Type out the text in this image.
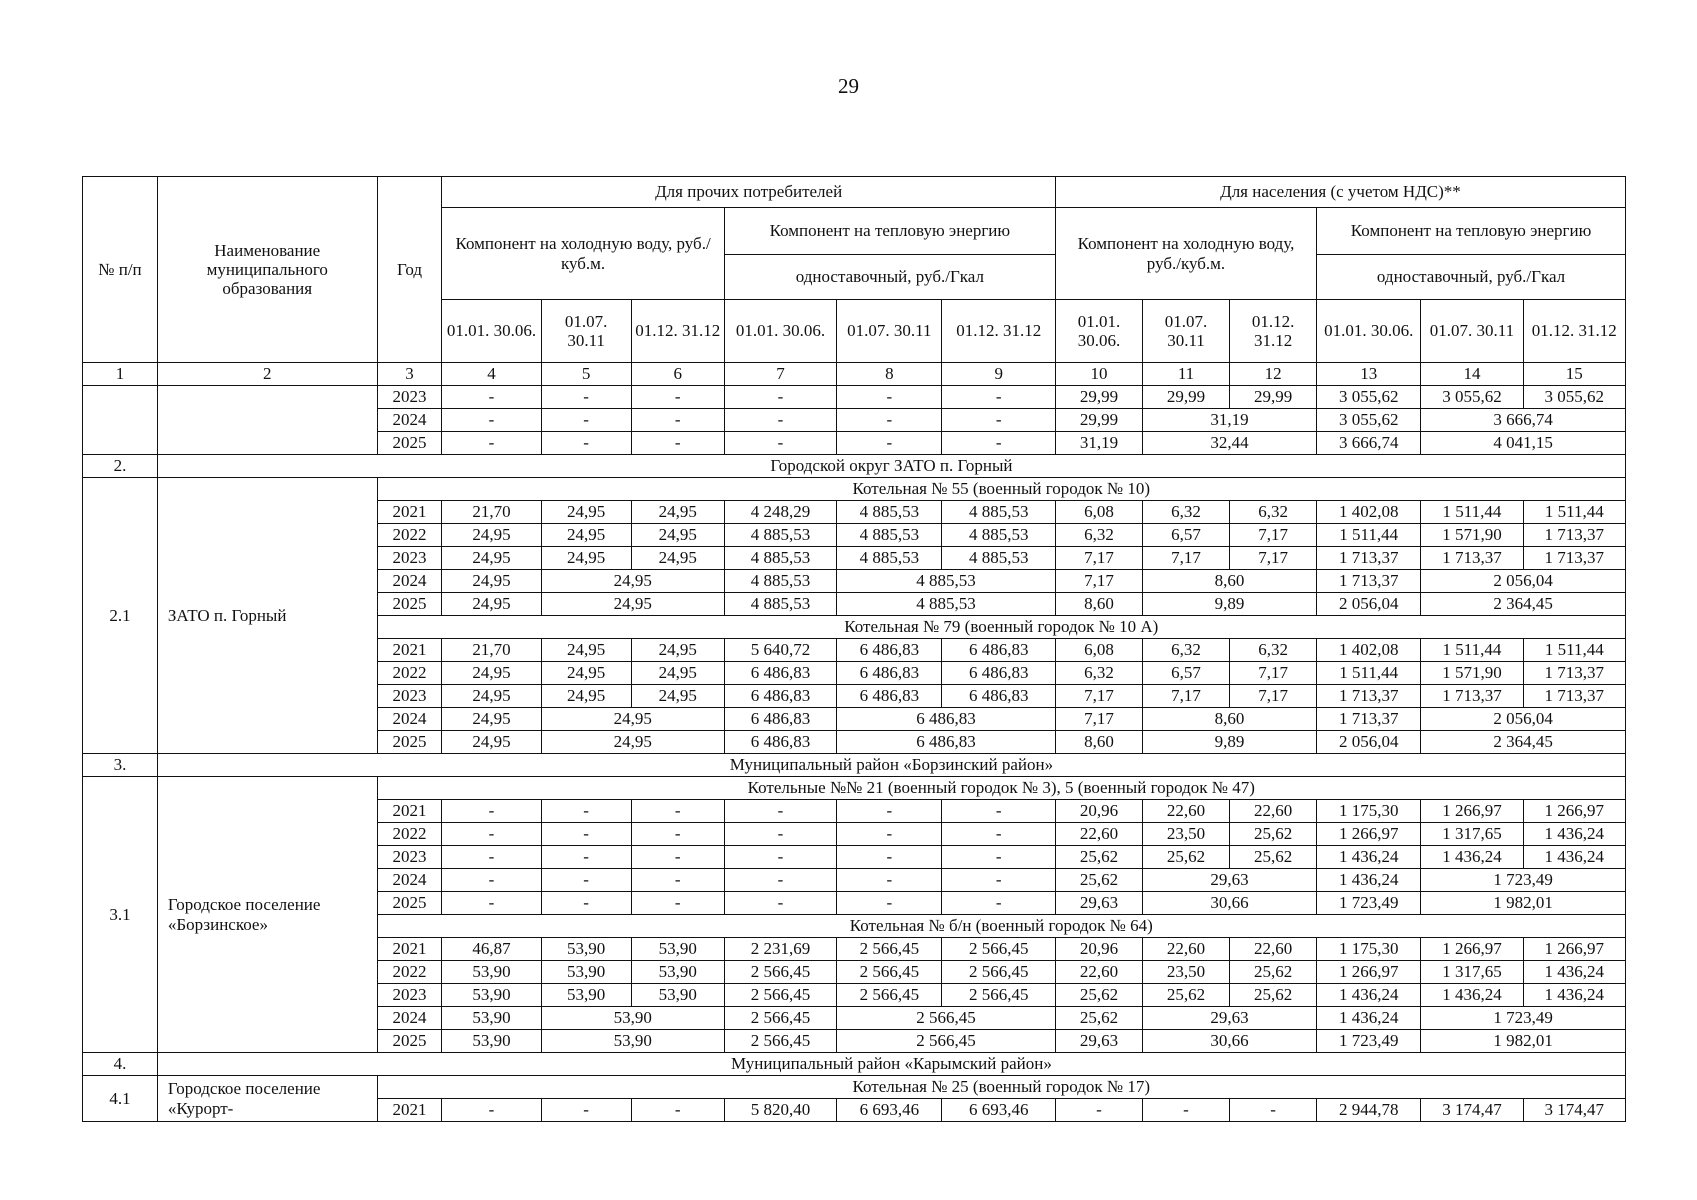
29
№ п/п	Наименование муниципального образования	Год	Для прочих потребителей						Для населения (с учетом НДС)**					
			Компонент на холодную воду, руб./куб.м.			Компонент на тепловую энергию			Компонент на холодную воду, руб./куб.м.			Компонент на тепловую энергию		
						одноставочный, руб./Гкал						одноставочный, руб./Гкал		
			01.01. 30.06.	01.07. 30.11	01.12. 31.12	01.01. 30.06.	01.07. 30.11	01.12. 31.12	01.01. 30.06.	01.07. 30.11	01.12. 31.12	01.01. 30.06.	01.07. 30.11	01.12. 31.12
1	2	3	4	5	6	7	8	9	10	11	12	13	14	15
		2023	-	-	-	-	-	-	29,99	29,99	29,99	3 055,62	3 055,62	3 055,62
		2024	-	-	-	-	-	-	29,99	31,19		3 055,62	3 666,74	
		2025	-	-	-	-	-	-	31,19	32,44		3 666,74	4 041,15	
2.	Городской округ ЗАТО п. Горный													
2.1	ЗАТО п. Горный	Котельная № 55 (военный городок № 10)												
		2021	21,70	24,95	24,95	4 248,29	4 885,53	4 885,53	6,08	6,32	6,32	1 402,08	1 511,44	1 511,44
		2022	24,95	24,95	24,95	4 885,53	4 885,53	4 885,53	6,32	6,57	7,17	1 511,44	1 571,90	1 713,37
		2023	24,95	24,95	24,95	4 885,53	4 885,53	4 885,53	7,17	7,17	7,17	1 713,37	1 713,37	1 713,37
		2024	24,95	24,95		4 885,53	4 885,53		7,17	8,60		1 713,37	2 056,04	
		2025	24,95	24,95		4 885,53	4 885,53		8,60	9,89		2 056,04	2 364,45	
		Котельная № 79 (военный городок № 10 А)												
		2021	21,70	24,95	24,95	5 640,72	6 486,83	6 486,83	6,08	6,32	6,32	1 402,08	1 511,44	1 511,44
		2022	24,95	24,95	24,95	6 486,83	6 486,83	6 486,83	6,32	6,57	7,17	1 511,44	1 571,90	1 713,37
		2023	24,95	24,95	24,95	6 486,83	6 486,83	6 486,83	7,17	7,17	7,17	1 713,37	1 713,37	1 713,37
		2024	24,95	24,95		6 486,83	6 486,83		7,17	8,60		1 713,37	2 056,04	
		2025	24,95	24,95		6 486,83	6 486,83		8,60	9,89		2 056,04	2 364,45	
3.	Муниципальный район «Борзинский район»													
3.1	Городское поселение «Борзинское»	Котельные №№ 21 (военный городок № 3), 5 (военный городок № 47)												
		2021	-	-	-	-	-	-	20,96	22,60	22,60	1 175,30	1 266,97	1 266,97
		2022	-	-	-	-	-	-	22,60	23,50	25,62	1 266,97	1 317,65	1 436,24
		2023	-	-	-	-	-	-	25,62	25,62	25,62	1 436,24	1 436,24	1 436,24
		2024	-	-	-	-	-	-	25,62	29,63		1 436,24	1 723,49	
		2025	-	-	-	-	-	-	29,63	30,66		1 723,49	1 982,01	
		Котельная № б/н (военный городок № 64)												
		2021	46,87	53,90	53,90	2 231,69	2 566,45	2 566,45	20,96	22,60	22,60	1 175,30	1 266,97	1 266,97
		2022	53,90	53,90	53,90	2 566,45	2 566,45	2 566,45	22,60	23,50	25,62	1 266,97	1 317,65	1 436,24
		2023	53,90	53,90	53,90	2 566,45	2 566,45	2 566,45	25,62	25,62	25,62	1 436,24	1 436,24	1 436,24
		2024	53,90	53,90		2 566,45	2 566,45		25,62	29,63		1 436,24	1 723,49	
		2025	53,90	53,90		2 566,45	2 566,45		29,63	30,66		1 723,49	1 982,01	
4.	Муниципальный район «Карымский район»													
4.1	Городское поселение «Курорт-	Котельная № 25 (военный городок № 17)												
		2021	-	-	-	5 820,40	6 693,46	6 693,46	-	-	-	2 944,78	3 174,47	3 174,47
